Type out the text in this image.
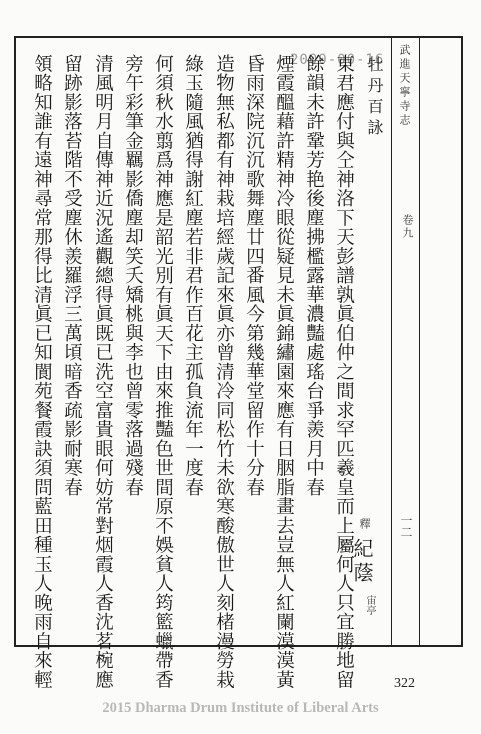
武進天寧寺志
卷九
一二
2000-00-16
牡丹百詠
釋
紀蔭
宙亭
東君應付與仝神洛下天彭譜孰眞伯仲之間求罕匹羲皇而上屬何人只宜勝地留
餘韻未許鞏芳艳後塵拂檻露華濃豔處瑤台爭羨月中春
煙霞醞藉許精神冷眼從疑見未眞錦繡園來應有日胭脂畫去豈無人紅闌漠漠黃
昏雨深院沉沉歌舞塵廿四番風今第幾華堂留作十分春
造物無私都有神栽培經歲記來眞亦曾清冷同松竹未欲寒酸傲世人刻楮漫勞栽
綠玉隨風猶得謝紅塵若非君作百花主孤負流年一度春
何須秋水翦爲神應是韶光別有眞天下由來推豔色世間原不娛貧人筠籃蠟帶香
旁午彩筆金羈影僑塵却笑夭矯桃與李也曾零落過殘春
清風明月自傳神近況遙觀總得眞既已洗空富貴眼何妨常對烟霞人香沈茗椀應
留跡影落苔階不受塵休羨羅浮三萬頃暗香疏影耐寒春
領略知誰有遠神尋常那得比清眞已知閬苑餐霞訣須問藍田種玉人晚雨自來輕	322
2015 Dharma Drum Institute of Liberal Arts
